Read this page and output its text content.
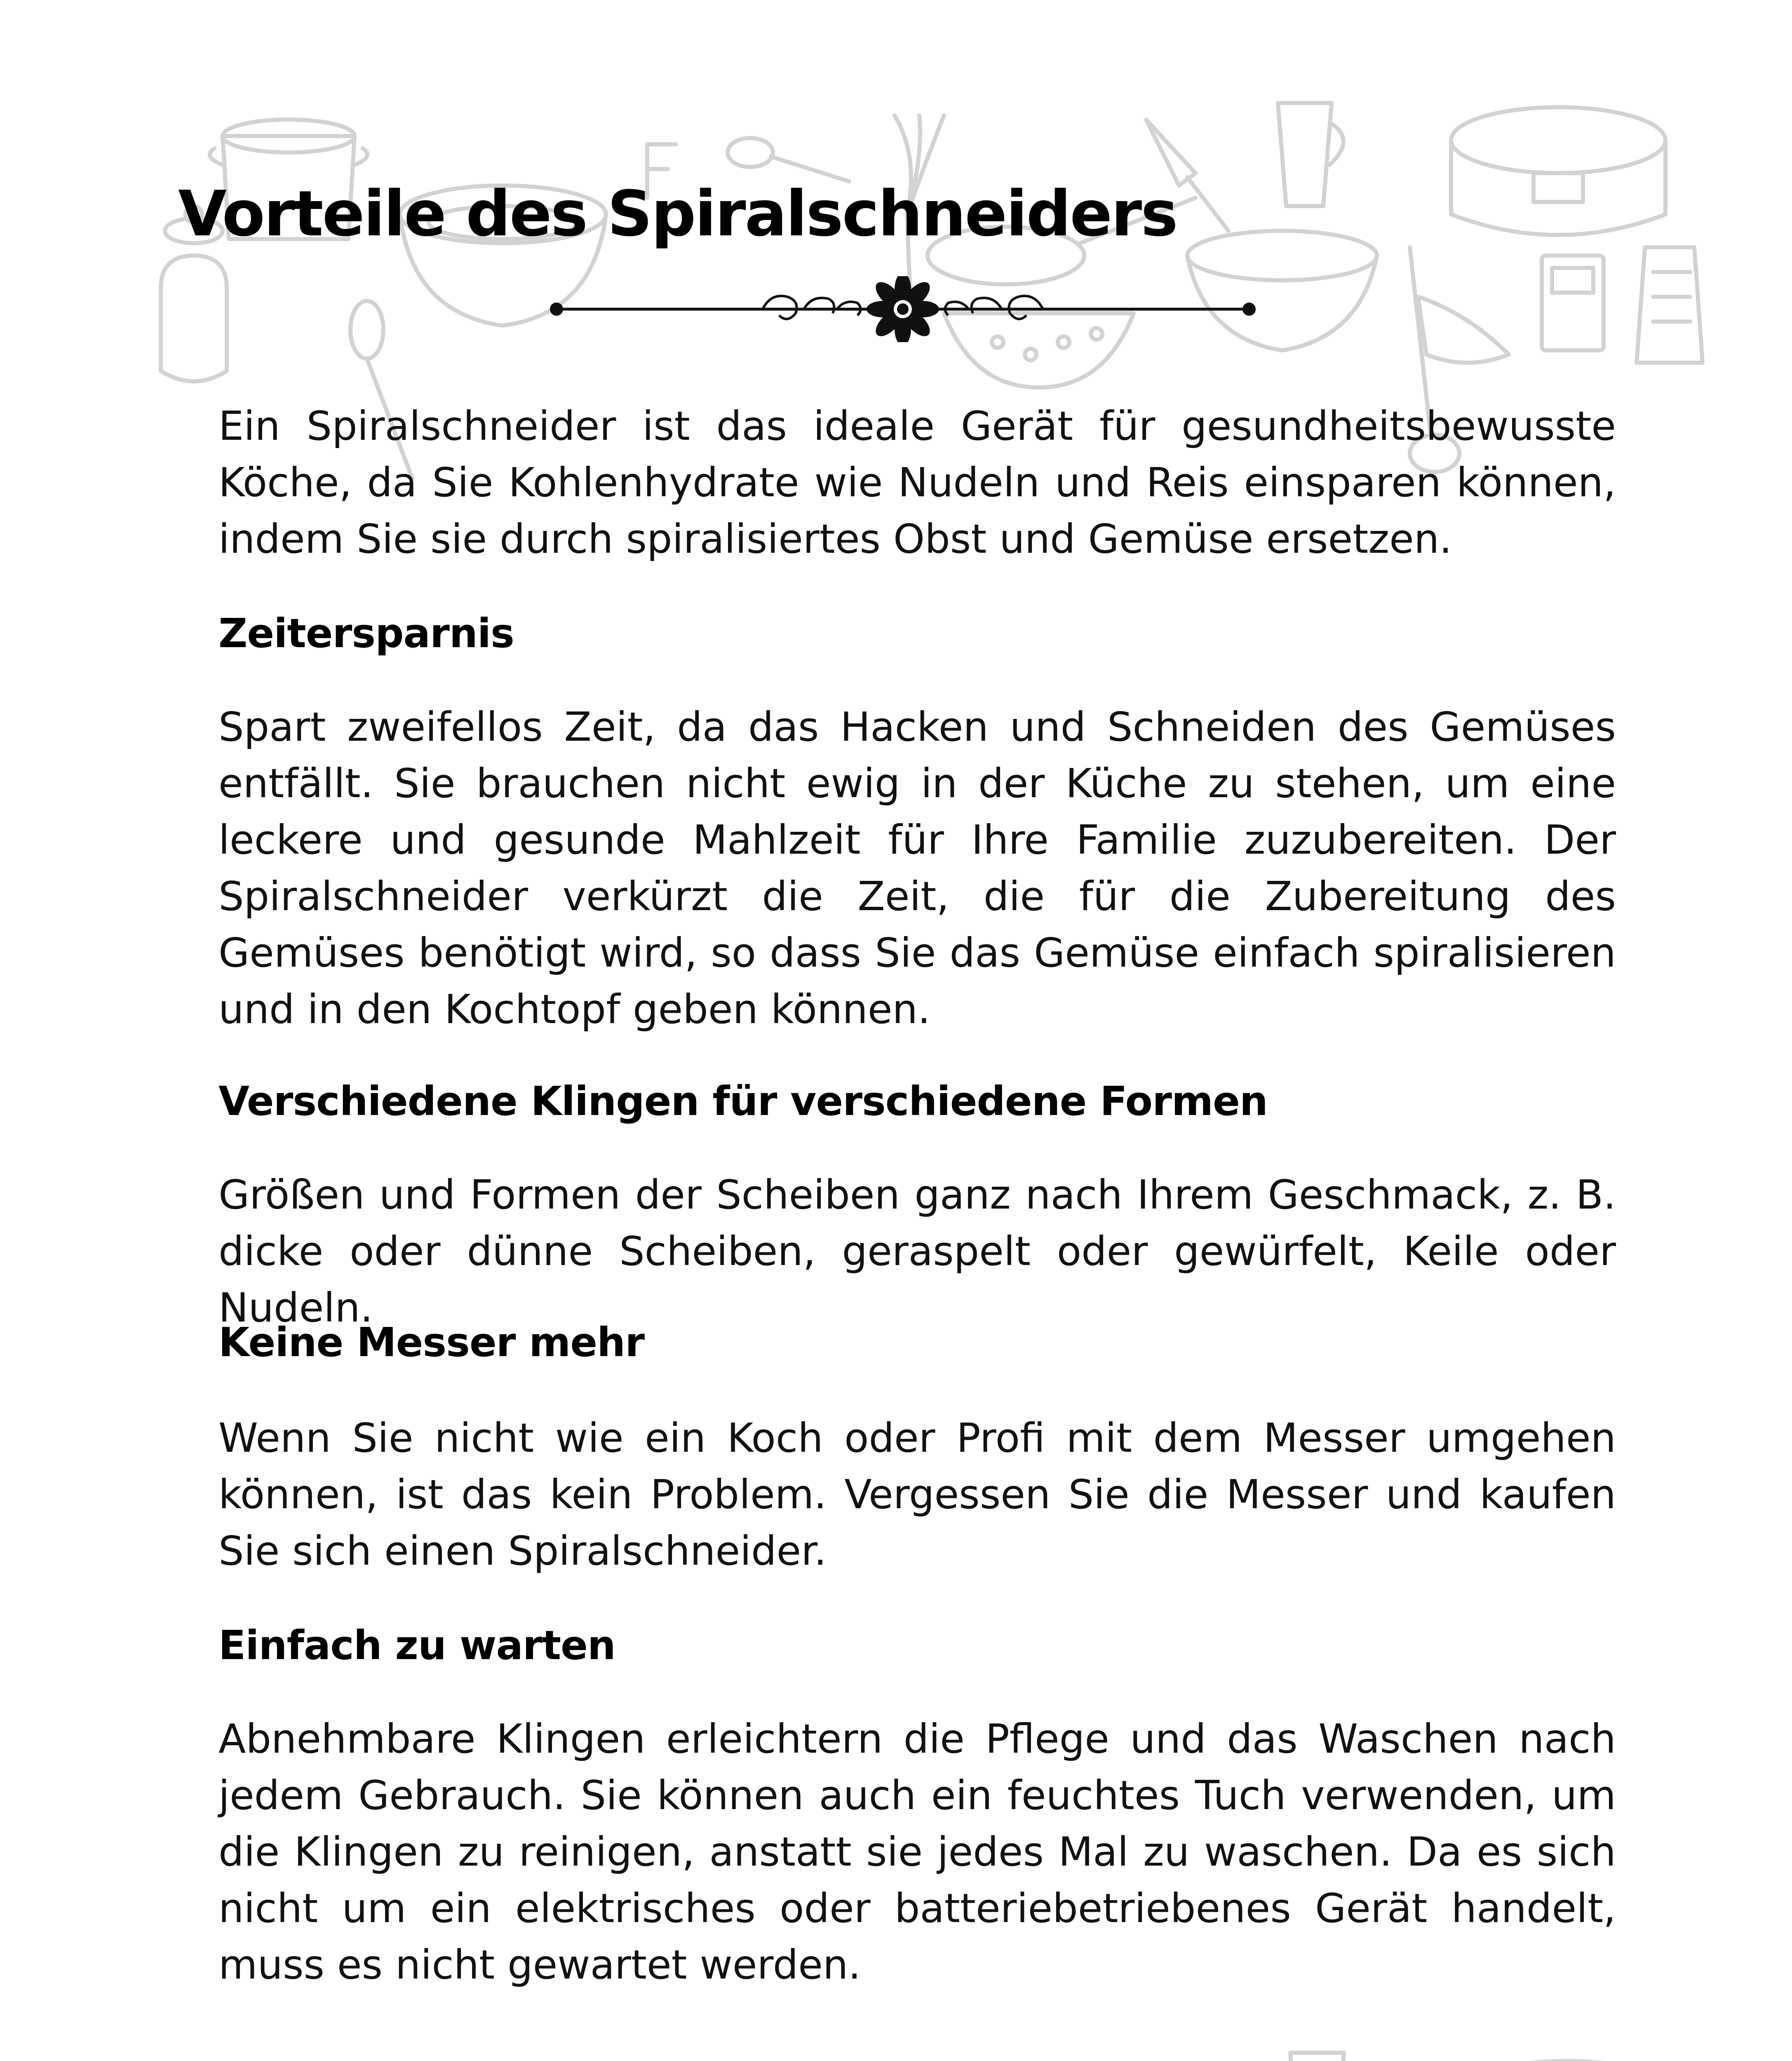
Vorteile des Spiralschneiders

Ein Spiralschneider ist das ideale Gerät für gesundheitsbewusste Köche, da Sie Kohlenhydrate wie Nudeln und Reis einsparen können, indem Sie sie durch spiralisiertes Obst und Gemüse ersetzen.

Zeitersparnis

Spart zweifellos Zeit, da das Hacken und Schneiden des Gemüses entfällt. Sie brauchen nicht ewig in der Küche zu stehen, um eine leckere und gesunde Mahlzeit für Ihre Familie zuzubereiten. Der Spiralschneider verkürzt die Zeit, die für die Zubereitung des Gemüses benötigt wird, so dass Sie das Gemüse einfach spiralisieren und in den Kochtopf geben können.

Verschiedene Klingen für verschiedene Formen

Größen und Formen der Scheiben ganz nach Ihrem Geschmack, z. B. dicke oder dünne Scheiben, geraspelt oder gewürfelt, Keile oder Nudeln.

Keine Messer mehr

Wenn Sie nicht wie ein Koch oder Profi mit dem Messer umgehen können, ist das kein Problem. Vergessen Sie die Messer und kaufen Sie sich einen Spiralschneider.

Einfach zu warten

Abnehmbare Klingen erleichtern die Pflege und das Waschen nach jedem Gebrauch. Sie können auch ein feuchtes Tuch verwenden, um die Klingen zu reinigen, anstatt sie jedes Mal zu waschen. Da es sich nicht um ein elektrisches oder batteriebetriebenes Gerät handelt, muss es nicht gewartet werden.
